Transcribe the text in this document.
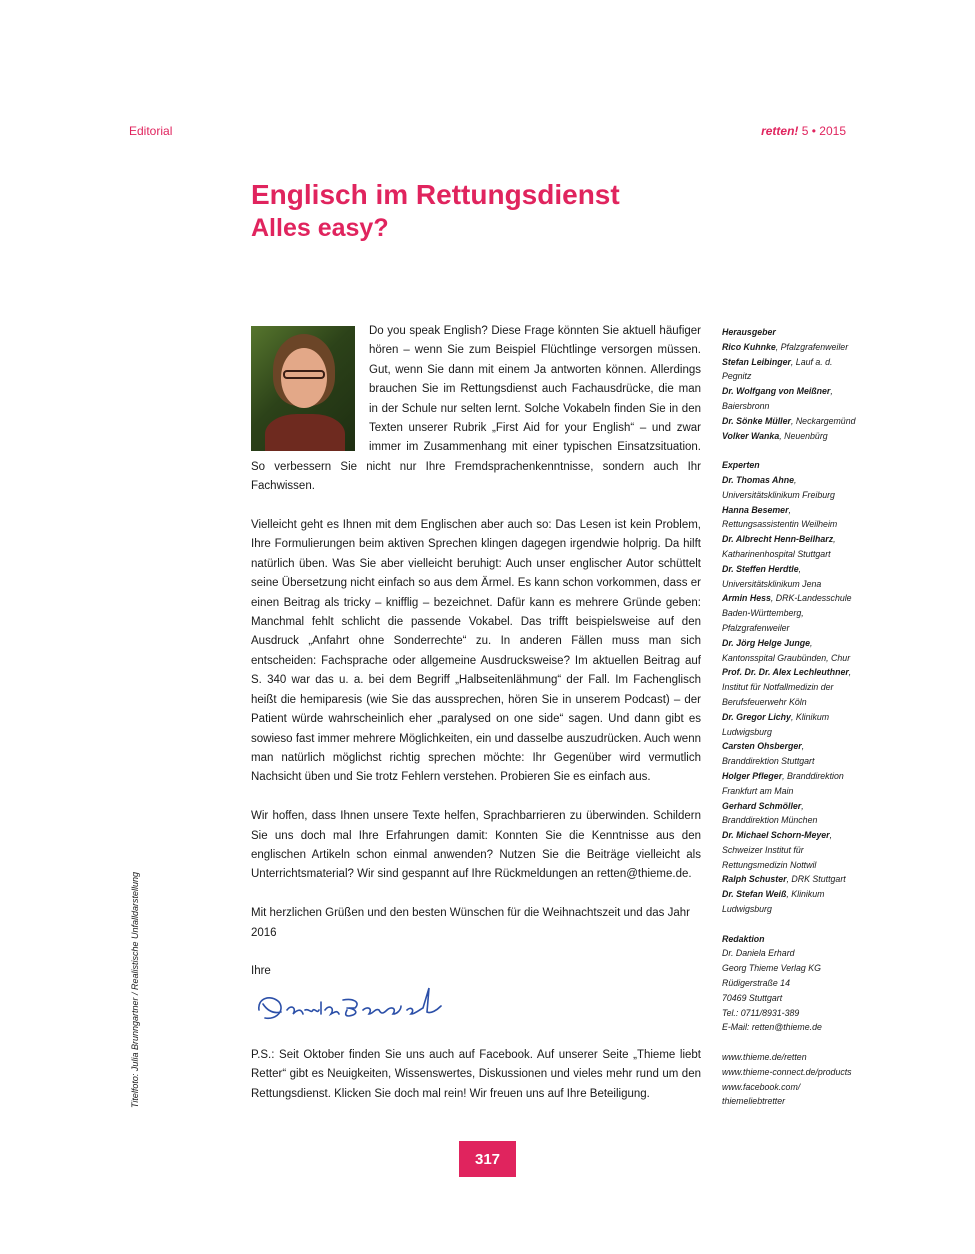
Editorial	retten! 5 • 2015
Englisch im Rettungsdienst
Alles easy?

Do you speak English? Diese Frage könnten Sie aktuell häufiger hören – wenn Sie zum Beispiel Flüchtlinge versorgen müssen. Gut, wenn Sie dann mit einem Ja antworten können. Allerdings brauchen Sie im Rettungsdienst auch Fachausdrücke, die man in der Schule nur selten lernt. Solche Vokabeln finden Sie in den Texten unserer Rubrik „First Aid for your English“ – und zwar immer im Zusammenhang mit einer typischen Einsatzsituation. So verbessern Sie nicht nur Ihre Fremdsprachenkenntnisse, sondern auch Ihr Fachwissen.

Vielleicht geht es Ihnen mit dem Englischen aber auch so: Das Lesen ist kein Problem, Ihre Formulierungen beim aktiven Sprechen klingen dagegen irgendwie holprig. Da hilft natürlich üben. Was Sie aber vielleicht beruhigt: Auch unser englischer Autor schüttelt seine Übersetzung nicht einfach so aus dem Ärmel. Es kann schon vorkommen, dass er einen Beitrag als tricky – knifflig – bezeichnet. Dafür kann es mehrere Gründe geben: Manchmal fehlt schlicht die passende Vokabel. Das trifft beispielsweise auf den Ausdruck „Anfahrt ohne Sonderrechte“ zu. In anderen Fällen muss man sich entscheiden: Fachsprache oder allgemeine Ausdrucksweise? Im aktuellen Beitrag auf S. 340 war das u. a. bei dem Begriff „Halbseitenlähmung“ der Fall. Im Fachenglisch heißt die hemiparesis (wie Sie das aussprechen, hören Sie in unserem Podcast) – der Patient würde wahrscheinlich eher „paralysed on one side“ sagen. Und dann gibt es sowieso fast immer mehrere Möglichkeiten, ein und dasselbe auszudrücken. Auch wenn man natürlich möglichst richtig sprechen möchte: Ihr Gegenüber wird vermutlich Nachsicht üben und Sie trotz Fehlern verstehen. Probieren Sie es einfach aus.

Wir hoffen, dass Ihnen unsere Texte helfen, Sprachbarrieren zu überwinden. Schildern Sie uns doch mal Ihre Erfahrungen damit: Konnten Sie die Kenntnisse aus den englischen Artikeln schon einmal anwenden? Nutzen Sie die Beiträge vielleicht als Unterrichtsmaterial? Wir sind gespannt auf Ihre Rückmeldungen an retten@thieme.de.

Mit herzlichen Grüßen und den besten Wünschen für die Weihnachtszeit und das Jahr 2016

Ihre

P.S.: Seit Oktober finden Sie uns auch auf Facebook. Auf unserer Seite „Thieme liebt Retter“ gibt es Neuigkeiten, Wissenswertes, Diskussionen und vieles mehr rund um den Rettungsdienst. Klicken Sie doch mal rein! Wir freuen uns auf Ihre Beteiligung.

Herausgeber

Rico Kuhnke, Pfalzgrafenweiler

Stefan Leibinger, Lauf a. d. Pegnitz

Dr. Wolfgang von Meißner, Baiersbronn

Dr. Sönke Müller, Neckargemünd

Volker Wanka, Neuenbürg

Experten

Dr. Thomas Ahne, Universitätsklinikum Freiburg

Hanna Besemer, Rettungsassistentin Weilheim

Dr. Albrecht Henn-Beilharz, Katharinenhospital Stuttgart

Dr. Steffen Herdtle, Universitätsklinikum Jena

Armin Hess, DRK-Landesschule Baden-Württemberg, Pfalzgrafenweiler

Dr. Jörg Helge Junge, Kantonsspital Graubünden, Chur

Prof. Dr. Dr. Alex Lechleuthner, Institut für Notfallmedizin der Berufsfeuerwehr Köln

Dr. Gregor Lichy, Klinikum Ludwigsburg

Carsten Ohsberger, Branddirektion Stuttgart

Holger Pfleger, Branddirektion Frankfurt am Main

Gerhard Schmöller, Branddirektion München

Dr. Michael Schorn-Meyer, Schweizer Institut für Rettungsmedizin Nottwil

Ralph Schuster, DRK Stuttgart

Dr. Stefan Weiß, Klinikum Ludwigsburg

Redaktion

Dr. Daniela Erhard

Georg Thieme Verlag KG

Rüdigerstraße 14

70469 Stuttgart

Tel.: 0711/8931-389

E-Mail: retten@thieme.de

www.thieme.de/retten

www.thieme-connect.de/products

www.facebook.com/

thiemeliebtretter

Titelfoto: Julia Brunngartner / Realistische Unfalldarstellung
317
